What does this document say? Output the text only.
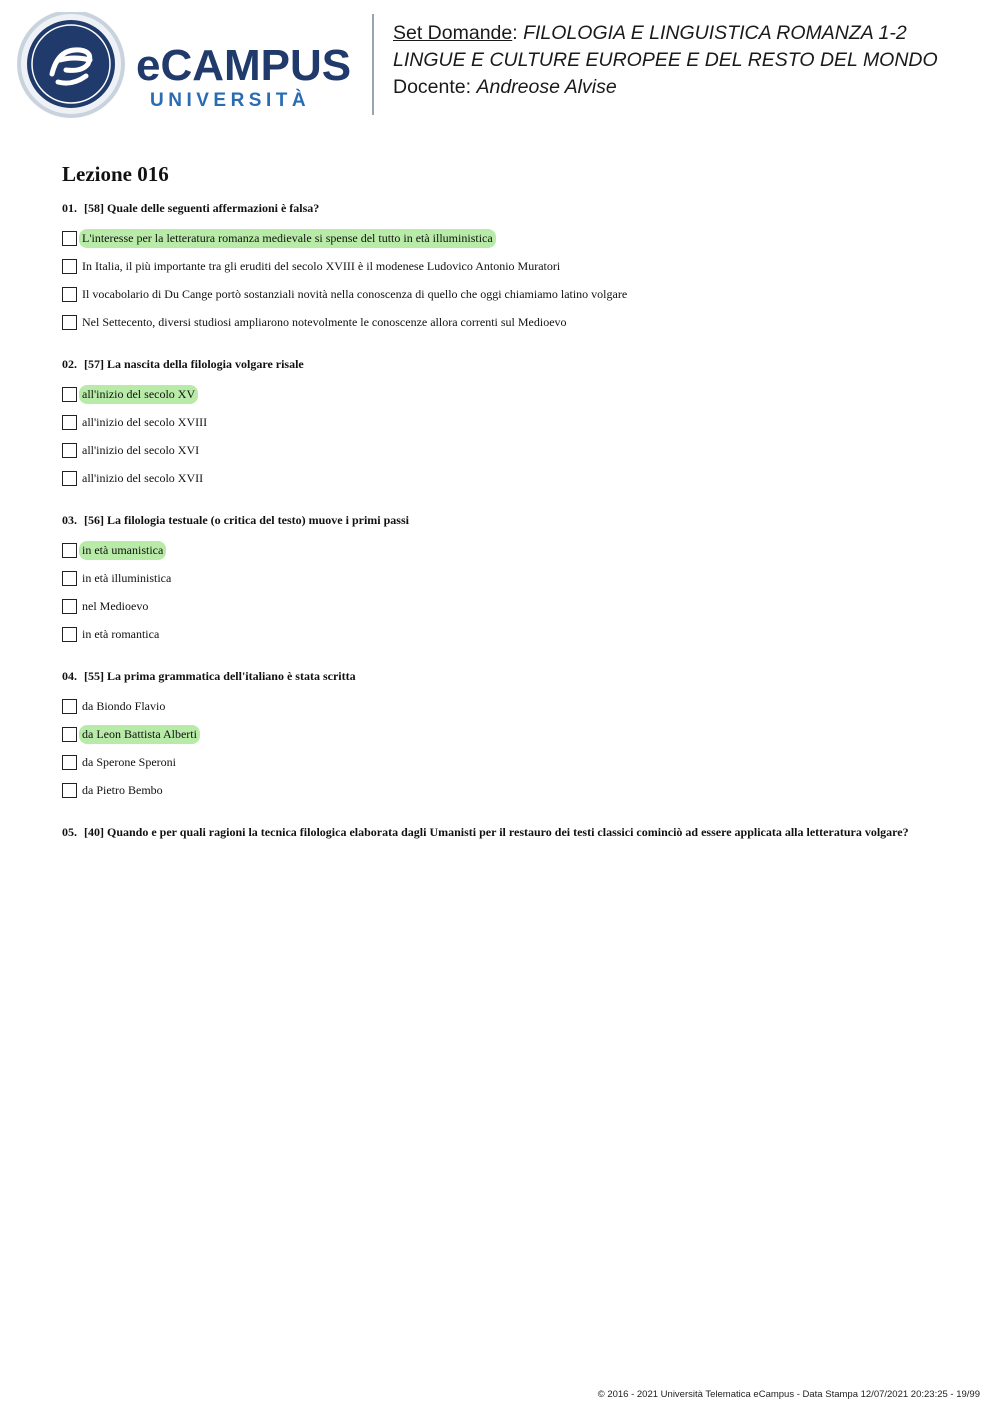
eCAMPUS
UNIVERSITÀ
Set Domande: FILOLOGIA E LINGUISTICA ROMANZA 1-2
LINGUE E CULTURE EUROPEE E DEL RESTO DEL MONDO
Docente: Andreose Alvise
Lezione 016
01. [58] Quale delle seguenti affermazioni è falsa?
L'interesse per la letteratura romanza medievale si spense del tutto in età illuministica
In Italia, il più importante tra gli eruditi del secolo XVIII è il modenese Ludovico Antonio Muratori
Il vocabolario di Du Cange portò sostanziali novità nella conoscenza di quello che oggi chiamiamo latino volgare
Nel Settecento, diversi studiosi ampliarono notevolmente le conoscenze allora correnti sul Medioevo
02. [57] La nascita della filologia volgare risale
all'inizio del secolo XV
all'inizio del secolo XVIII
all'inizio del secolo XVI
all'inizio del secolo XVII
03. [56] La filologia testuale (o critica del testo) muove i primi passi
in età umanistica
in età illuministica
nel Medioevo
in età romantica
04. [55] La prima grammatica dell'italiano è stata scritta
da Biondo Flavio
da Leon Battista Alberti
da Sperone Speroni
da Pietro Bembo
05. [40] Quando e per quali ragioni la tecnica filologica elaborata dagli Umanisti per il restauro dei testi classici cominciò ad essere applicata alla letteratura volgare?
© 2016 - 2021 Università Telematica eCampus - Data Stampa 12/07/2021 20:23:25 - 19/99
